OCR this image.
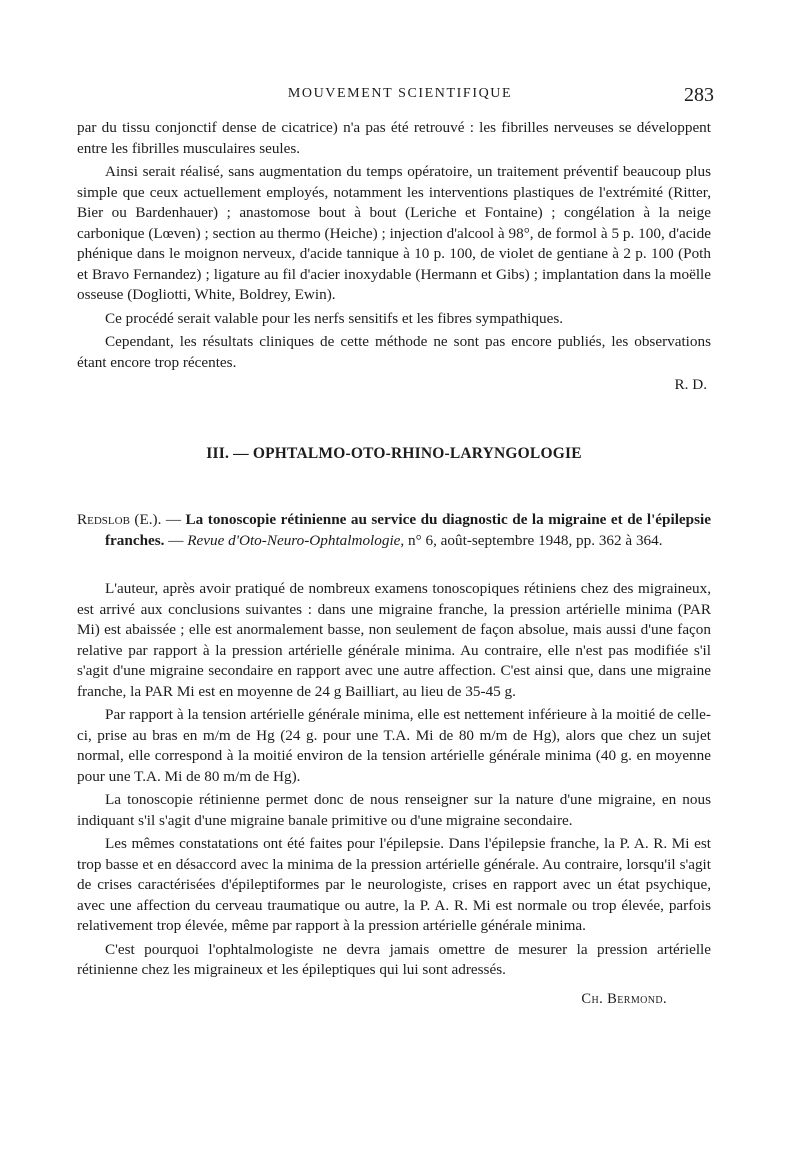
MOUVEMENT SCIENTIFIQUE	283

par du tissu conjonctif dense de cicatrice) n'a pas été retrouvé : les fibrilles nerveuses se développent entre les fibrilles musculaires seules.

Ainsi serait réalisé, sans augmentation du temps opératoire, un traitement préventif beaucoup plus simple que ceux actuellement employés, notamment les interventions plastiques de l'extrémité (Ritter, Bier ou Bardenhauer) ; anastomose bout à bout (Leriche et Fontaine) ; congélation à la neige carbonique (Lœven) ; section au thermo (Heiche) ; injection d'alcool à 98°, de formol à 5 p. 100, d'acide phénique dans le moignon nerveux, d'acide tannique à 10 p. 100, de violet de gentiane à 2 p. 100 (Poth et Bravo Fernandez) ; ligature au fil d'acier inoxydable (Hermann et Gibs) ; implantation dans la moëlle osseuse (Dogliotti, White, Boldrey, Ewin).

Ce procédé serait valable pour les nerfs sensitifs et les fibres sympathiques.

Cependant, les résultats cliniques de cette méthode ne sont pas encore publiés, les observations étant encore trop récentes.

R. D.

III. — OPHTALMO-OTO-RHINO-LARYNGOLOGIE

Redslob (E.). — La tonoscopie rétinienne au service du diagnostic de la migraine et de l'épilepsie franches. — Revue d'Oto-Neuro-Ophtalmologie, n° 6, août-septembre 1948, pp. 362 à 364.

L'auteur, après avoir pratiqué de nombreux examens tonoscopiques rétiniens chez des migraineux, est arrivé aux conclusions suivantes : dans une migraine franche, la pression artérielle minima (PAR Mi) est abaissée ; elle est anormalement basse, non seulement de façon absolue, mais aussi d'une façon relative par rapport à la pression artérielle générale minima. Au contraire, elle n'est pas modifiée s'il s'agit d'une migraine secondaire en rapport avec une autre affection. C'est ainsi que, dans une migraine franche, la PAR Mi est en moyenne de 24 g Bailliart, au lieu de 35-45 g.

Par rapport à la tension artérielle générale minima, elle est nettement inférieure à la moitié de celle-ci, prise au bras en m/m de Hg (24 g. pour une T.A. Mi de 80 m/m de Hg), alors que chez un sujet normal, elle correspond à la moitié environ de la tension artérielle générale minima (40 g. en moyenne pour une T.A. Mi de 80 m/m de Hg).

La tonoscopie rétinienne permet donc de nous renseigner sur la nature d'une migraine, en nous indiquant s'il s'agit d'une migraine banale primitive ou d'une migraine secondaire.

Les mêmes constatations ont été faites pour l'épilepsie. Dans l'épilepsie franche, la P. A. R. Mi est trop basse et en désaccord avec la minima de la pression artérielle générale. Au contraire, lorsqu'il s'agit de crises caractérisées d'épileptiformes par le neurologiste, crises en rapport avec un état psychique, avec une affection du cerveau traumatique ou autre, la P. A. R. Mi est normale ou trop élevée, parfois relativement trop élevée, même par rapport à la pression artérielle générale minima.

C'est pourquoi l'ophtalmologiste ne devra jamais omettre de mesurer la pression artérielle rétinienne chez les migraineux et les épileptiques qui lui sont adressés.

Ch. Bermond.
